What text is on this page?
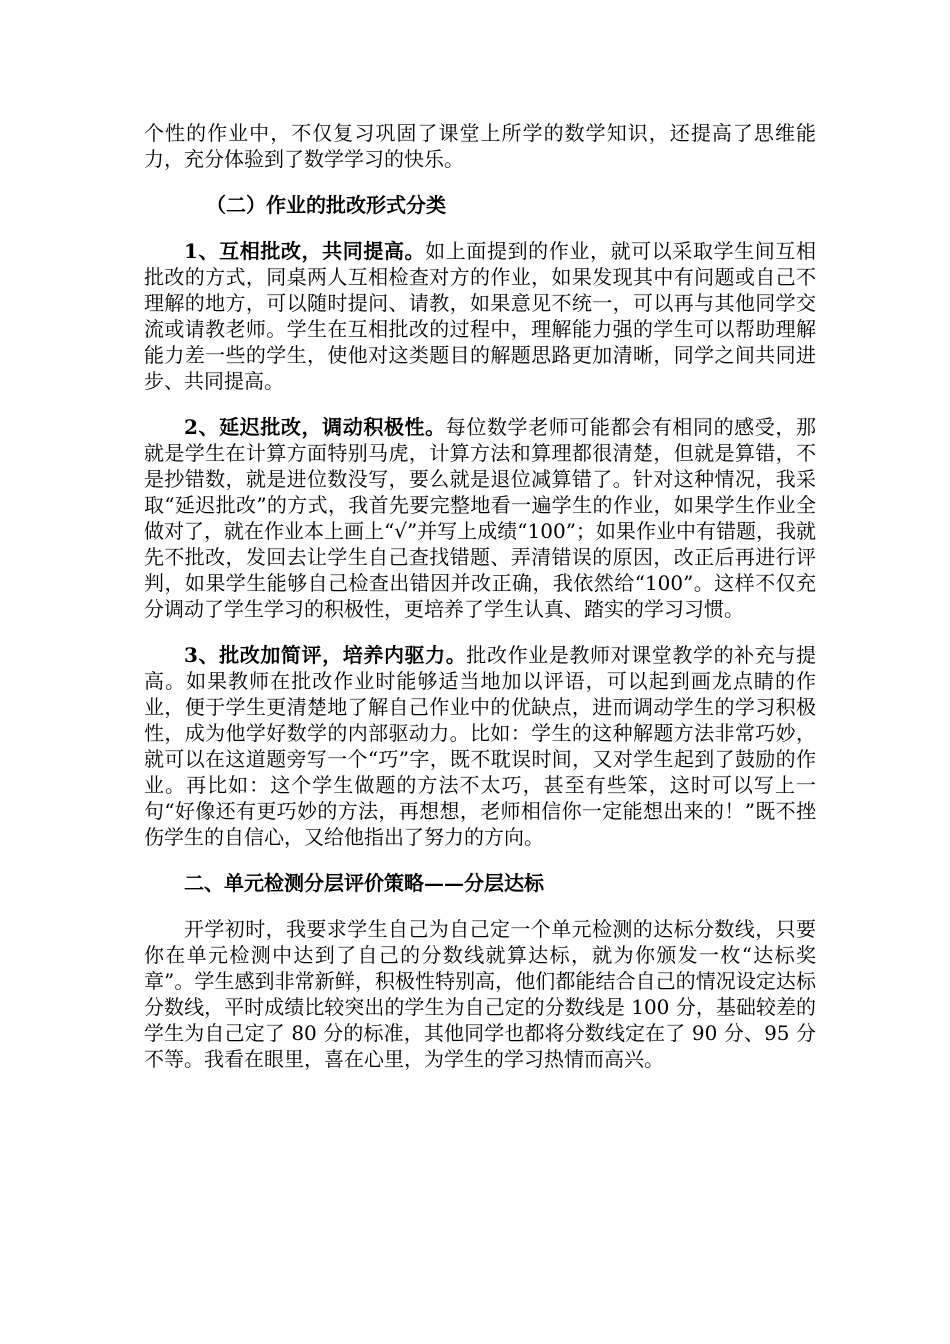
个性的作业中，不仅复习巩固了课堂上所学的数学知识，还提高了思维能力，充分体验到了数学学习的快乐。

（二）作业的批改形式分类

1、互相批改，共同提高。如上面提到的作业，就可以采取学生间互相批改的方式，同桌两人互相检查对方的作业，如果发现其中有问题或自己不理解的地方，可以随时提问、请教，如果意见不统一，可以再与其他同学交流或请教老师。学生在互相批改的过程中，理解能力强的学生可以帮助理解能力差一些的学生，使他对这类题目的解题思路更加清晰，同学之间共同进步、共同提高。

2、延迟批改，调动积极性。每位数学老师可能都会有相同的感受，那就是学生在计算方面特别马虎，计算方法和算理都很清楚，但就是算错，不是抄错数，就是进位数没写，要么就是退位减算错了。针对这种情况，我采取“延迟批改”的方式，我首先要完整地看一遍学生的作业，如果学生作业全做对了，就在作业本上画上“√”并写上成绩“100”；如果作业中有错题，我就先不批改，发回去让学生自己查找错题、弄清错误的原因，改正后再进行评判，如果学生能够自己检查出错因并改正确，我依然给“100”。这样不仅充分调动了学生学习的积极性，更培养了学生认真、踏实的学习习惯。

3、批改加简评，培养内驱力。批改作业是教师对课堂教学的补充与提高。如果教师在批改作业时能够适当地加以评语，可以起到画龙点睛的作业，便于学生更清楚地了解自己作业中的优缺点，进而调动学生的学习积极性，成为他学好数学的内部驱动力。比如：学生的这种解题方法非常巧妙，就可以在这道题旁写一个“巧”字，既不耽误时间，又对学生起到了鼓励的作业。再比如：这个学生做题的方法不太巧，甚至有些笨，这时可以写上一句“好像还有更巧妙的方法，再想想，老师相信你一定能想出来的！”既不挫伤学生的自信心，又给他指出了努力的方向。

二、单元检测分层评价策略——分层达标

开学初时，我要求学生自己为自己定一个单元检测的达标分数线，只要你在单元检测中达到了自己的分数线就算达标，就为你颁发一枚“达标奖章”。学生感到非常新鲜，积极性特别高，他们都能结合自己的情况设定达标分数线，平时成绩比较突出的学生为自己定的分数线是 100 分，基础较差的学生为自己定了 80 分的标准，其他同学也都将分数线定在了 90 分、95 分不等。我看在眼里，喜在心里，为学生的学习热情而高兴。
